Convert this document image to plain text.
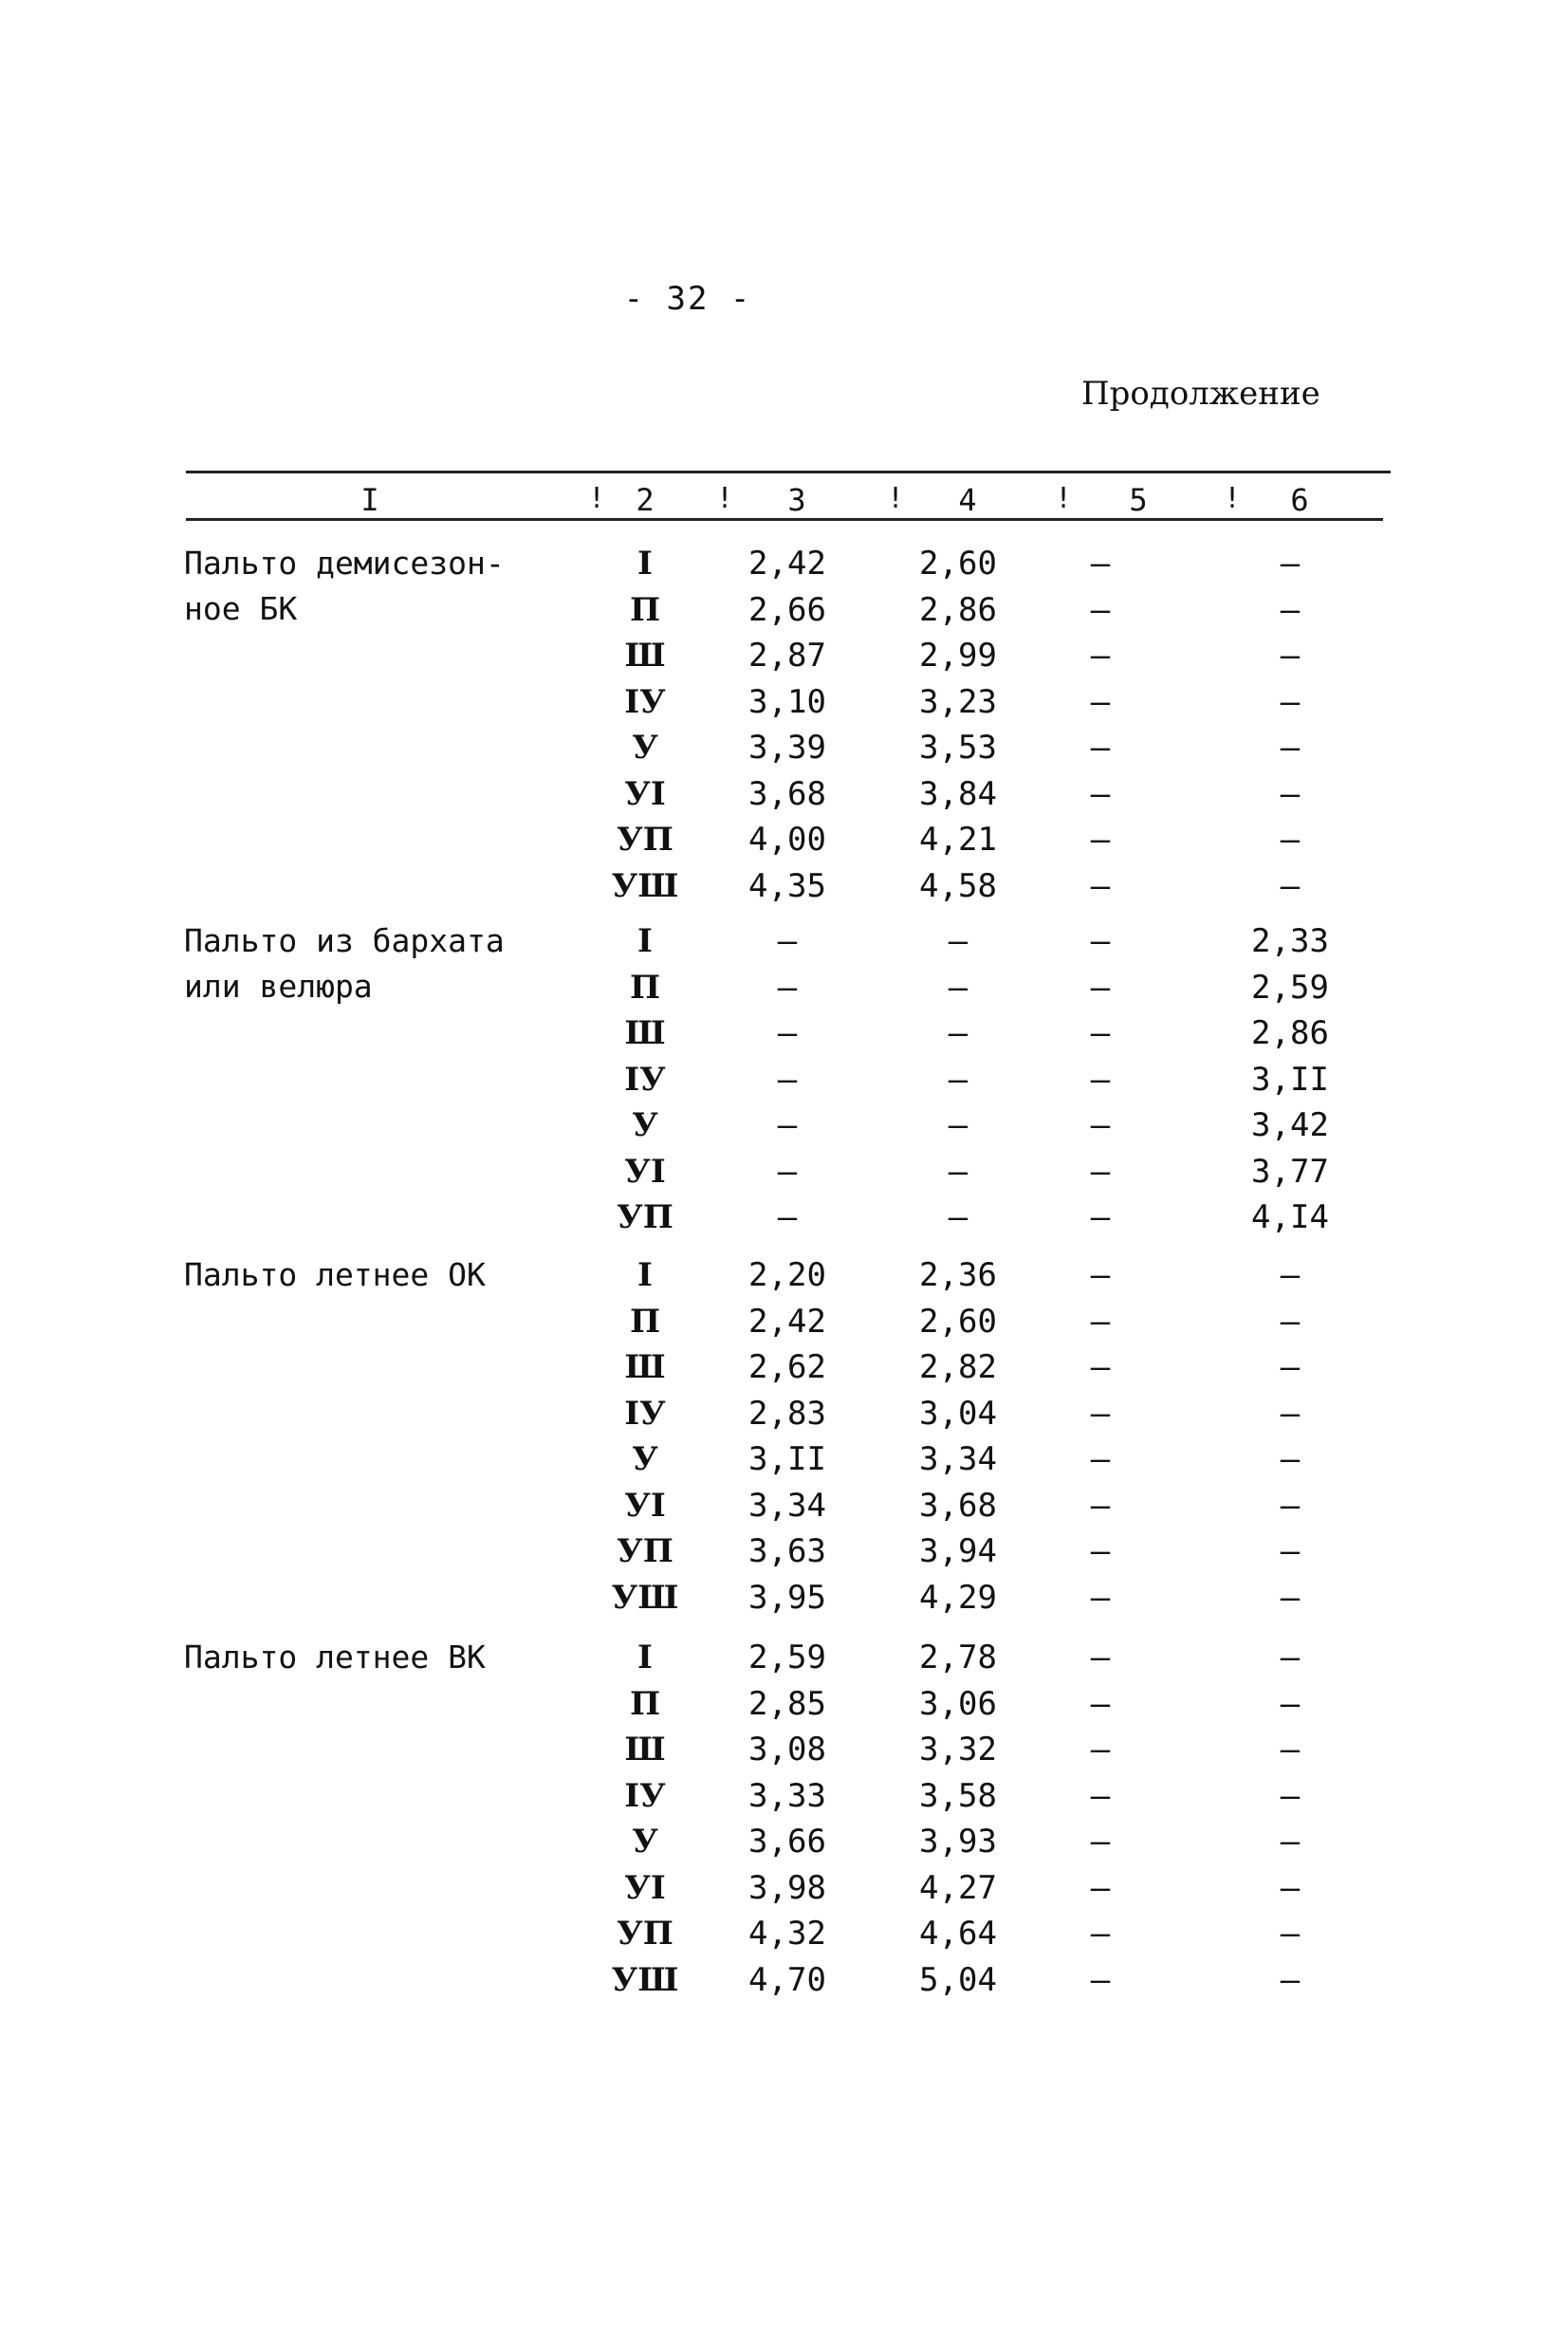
- 32 -
Продолжение
I	!	2	!	3	!	4	!	5	!	6
Пальто демисезон-
ное БК
I	2,42	2,60	–	–
П	2,66	2,86	–	–
Ш	2,87	2,99	–	–
IУ	3,10	3,23	–	–
У	3,39	3,53	–	–
УI	3,68	3,84	–	–
УП	4,00	4,21	–	–
УШ	4,35	4,58	–	–
Пальто из бархата
или велюра
I	–	–	–	2,33
П	–	–	–	2,59
Ш	–	–	–	2,86
IУ	–	–	–	3,II
У	–	–	–	3,42
УI	–	–	–	3,77
УП	–	–	–	4,I4
Пальто летнее ОК	I	2,20	2,36	–	–
П	2,42	2,60	–	–
Ш	2,62	2,82	–	–
IУ	2,83	3,04	–	–
У	3,II	3,34	–	–
УI	3,34	3,68	–	–
УП	3,63	3,94	–	–
УШ	3,95	4,29	–	–
Пальто летнее ВК	I	2,59	2,78	–	–
П	2,85	3,06	–	–
Ш	3,08	3,32	–	–
IУ	3,33	3,58	–	–
У	3,66	3,93	–	–
УI	3,98	4,27	–	–
УП	4,32	4,64	–	–
УШ	4,70	5,04	–	–
